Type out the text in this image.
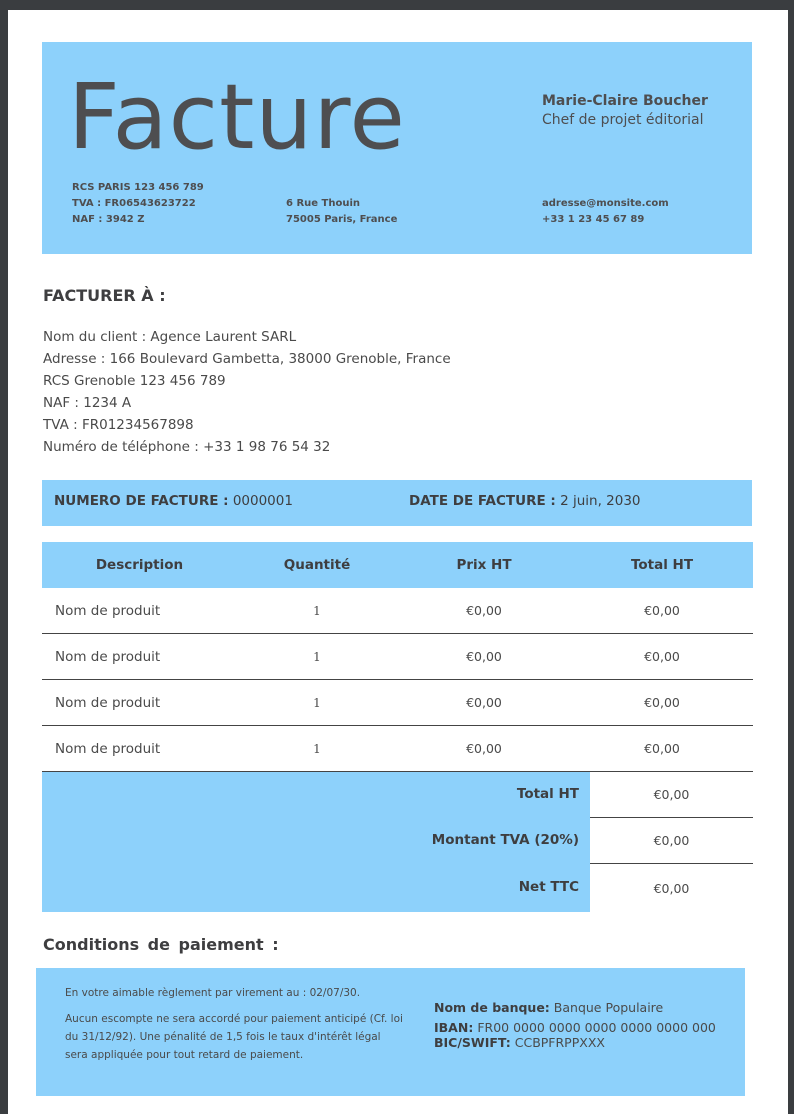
Facture	Marie-Claire Boucher
Chef de projet éditorial
RCS PARIS 123 456 789
TVA : FR06543623722
NAF : 3942 Z
6 Rue Thouin
75005 Paris, France
adresse@monsite.com
+33 1 23 45 67 89
FACTURER À :
Nom du client : Agence Laurent SARL
Adresse : 166 Boulevard Gambetta, 38000 Grenoble, France
RCS Grenoble 123 456 789
NAF : 1234 A
TVA : FR01234567898
Numéro de téléphone : +33 1 98 76 54 32
NUMERO DE FACTURE : 0000001	DATE DE FACTURE : 2 juin, 2030
Description	Quantité	Prix HT	Total HT
Nom de produit	1	€0,00	€0,00
Nom de produit	1	€0,00	€0,00
Nom de produit	1	€0,00	€0,00
Nom de produit	1	€0,00	€0,00
Total HT	€0,00
Montant TVA (20%)	€0,00
Net TTC	€0,00
Conditions de paiement :

En votre aimable règlement par virement au : 02/07/30.

Aucun escompte ne sera accordé pour paiement anticipé (Cf. loi du 31/12/92). Une pénalité de 1,5 fois le taux d'intérêt légal sera appliquée pour tout retard de paiement.

Nom de banque: Banque Populaire
IBAN: FR00 0000 0000 0000 0000 0000 000
BIC/SWIFT: CCBPFRPPXXX
